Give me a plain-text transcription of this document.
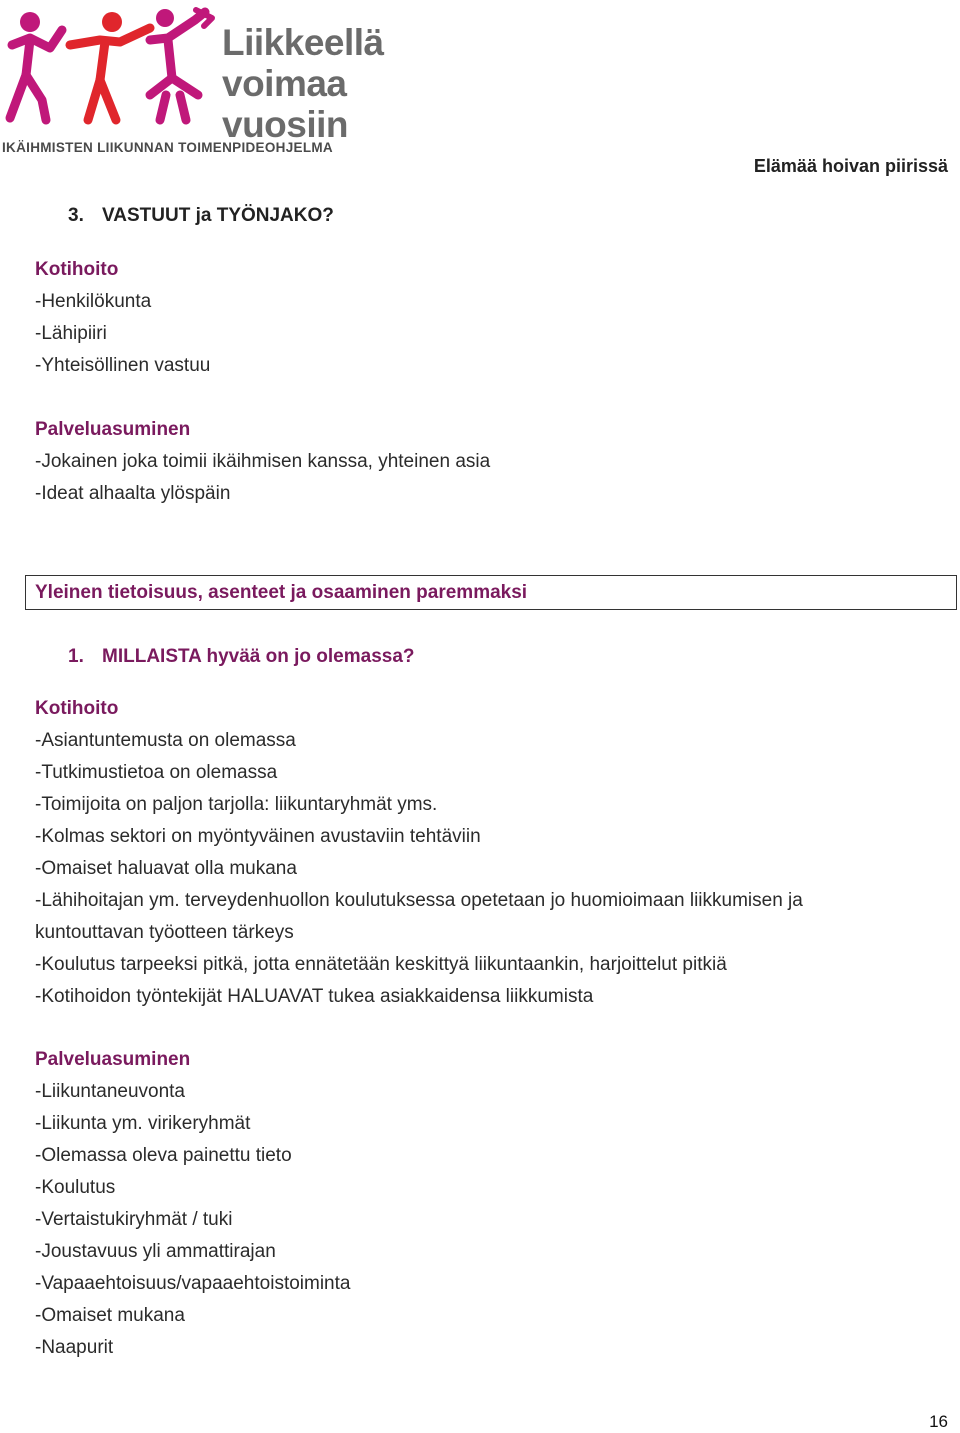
Liikkeellä
voimaa
vuosiin
IKÄIHMISTEN LIIKUNNAN TOIMENPIDEOHJELMA
Elämää hoivan piirissä
3. VASTUUT ja TYÖNJAKO?
Kotihoito
-Henkilökunta
-Lähipiiri
-Yhteisöllinen vastuu
Palveluasuminen
-Jokainen joka toimii ikäihmisen kanssa, yhteinen asia
-Ideat alhaalta ylöspäin
Yleinen tietoisuus, asenteet ja osaaminen paremmaksi
1. MILLAISTA hyvää on jo olemassa?
Kotihoito
-Asiantuntemusta on olemassa
-Tutkimustietoa on olemassa
-Toimijoita on paljon tarjolla: liikuntaryhmät yms.
-Kolmas sektori on myöntyväinen avustaviin tehtäviin
-Omaiset haluavat olla mukana
-Lähihoitajan ym. terveydenhuollon koulutuksessa opetetaan jo huomioimaan liikkumisen ja
kuntouttavan työotteen tärkeys
-Koulutus tarpeeksi pitkä, jotta ennätetään keskittyä liikuntaankin, harjoittelut pitkiä
-Kotihoidon työntekijät HALUAVAT tukea asiakkaidensa liikkumista
Palveluasuminen
-Liikuntaneuvonta
-Liikunta ym. virikeryhmät
-Olemassa oleva painettu tieto
-Koulutus
-Vertaistukiryhmät / tuki
-Joustavuus yli ammattirajan
-Vapaaehtoisuus/vapaaehtoistoiminta
-Omaiset mukana
-Naapurit
16
